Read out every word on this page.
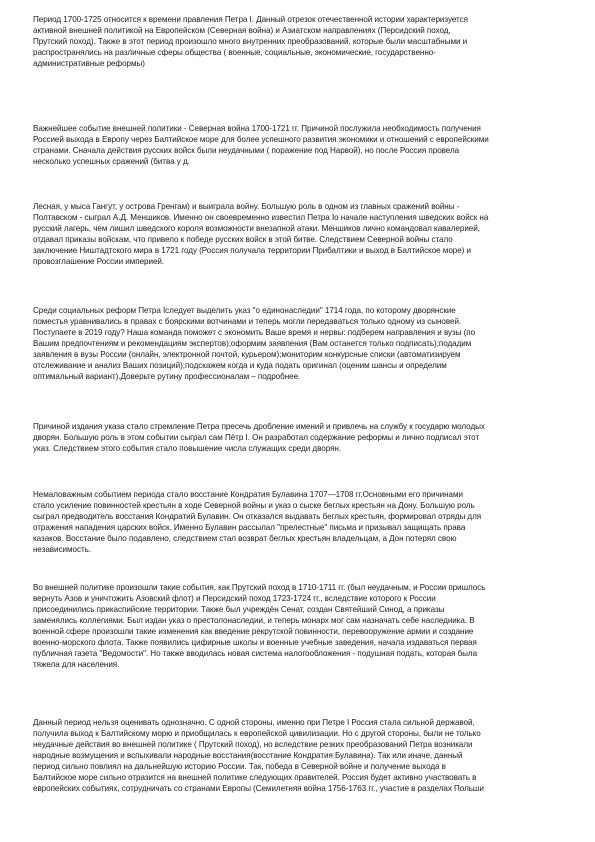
Период 1700-1725 относится к времени правления Петра I. Данный отрезок отечественной истории характеризуется
активной внешней политикой на Европейском (Северная война) и Азиатском направлениях (Персидский поход,
Прутский поход). Также в этот период произошло много внутренних преобразований, которые были масштабными и
распространялись на различные сферы общества ( военные, социальные, экономические, государственно-
административные реформы)
Важнейшее событие внешней политики - Северная война 1700-1721 гг. Причиной послужила необходимость получения
Россией выхода в Европу через Балтийское море для более успешного развития экономики и отношений с европейскими
странами. Сначала действия русских войск были неудачными ( поражение под Нарвой), но после Россия провела
несколько успешных сражений (битва у д.
Лесная, у мыса Гангут, у острова Гренгам) и выиграла войну. Большую роль в одном из главных сражений войны -
Полтавском - сыграл А.Д. Меншиков. Именно он своевременно известил Петра Iо начале наступления шведских войск на
русский лагерь, чем лишил шведского короля возможности внезапной атаки. Меншиков лично командовал кавалерией,
отдавал приказы войскам, что привело к победе русских войск в этой битве. Следствием Северной войны стало
заключение Ништадтского мира в 1721 году (Россия получала территории Прибалтики и выход в Балтийское море) и
провозглашение России империей.
Среди социальных реформ Петра Iследует выделить указ "о единонаследии" 1714 года, по которому дворянские
поместья уравнивались в правах с боярскими вотчинами и теперь могли передаваться только одному из сыновей.
Поступаете в 2019 году? Наша команда поможет с экономить Ваше время и нервы: подберем направления и вузы (по
Вашим предпочтениям и рекомендациям экспертов);оформим заявления (Вам останется только подписать);подадим
заявления в вузы России (онлайн, электронной почтой, курьером);мониторим конкурсные списки (автоматизируем
отслеживание и анализ Ваших позиций);подскажем когда и куда подать оригинал (оценим шансы и определим
оптимальный вариант).Доверьте рутину профессионалам – подробнее.
Причиной издания указа стало стремление Петра пресечь дробление имений и привлечь на службу к государю молодых
дворян. Большую роль в этом событии сыграл сам Пётр I. Он разработал содержание реформы и лично подписал этот
указ. Следствием этого события стало повышение числа служащих среди дворян.
Немаловажным событием периода стало восстание Кондратия Булавина 1707—1708 гг.Основными его причинами
стало усиление повинностей крестьян в ходе Северной войны и указ о сыске беглых крестьян на Дону. Большую роль
сыграл предводитель восстания Кондратий Булавин. Он отказался выдавать беглых крестьян, формировал отряды для
отражения нападения царских войск. Именно Булавин рассылал "прелестные" письма и призывал защищать права
казаков. Восстание было подавлено, следствием стал возврат беглых крестьян владельцам, а Дон потерял свою
независимость.
Во внешней политике произошли такие события, как Прутский поход в 1710-1711 гг. (был неудачным, и России пришлось
вернуть Азов и уничтожить Азовский флот) и Персидский поход 1723-1724 гг., вследствие которого к России
присоединились прикаспийские территории. Также был учреждён Сенат, создан Святейший Синод, а приказы
заменялись коллегиями. Был издан указ о престолонаследии, и теперь монарх мог сам назначать себе наследника. В
военной сфере произошли такие изменения как введение рекрутской повинности, перевооружение армии и создание
военно-морского флота. Также появились цифирные школы и военные учебные заведения, начала издаваться первая
публичная газета "Ведомости". Но также вводилась новая система налогообложения - подушная подать, которая была
тяжела для населения.
Данный период нельзя оценивать однозначно. С одной стороны, именно при Петре I Россия стала сильной державой,
получила выход к Балтийскому морю и приобщилась к европейской цивилизации. Но с другой стороны, были не только
неудачные действия во внешней политике ( Прутский поход), но вследствие резких преобразований Петра возникали
народные возмущения и вспыхивали народные восстания(восстание Кондратия Булавина). Так или иначе, данный
период сильно повлиял на дальнейшую историю России. Так, победа в Северной войне и получение выхода в
Балтийское море сильно отразится на внешней политике следующих правителей. Россия будет активно участвовать в
европейских событиях, сотрудничать со странами Европы (Семилетняя война 1756-1763 гг., участие в разделах Польши
